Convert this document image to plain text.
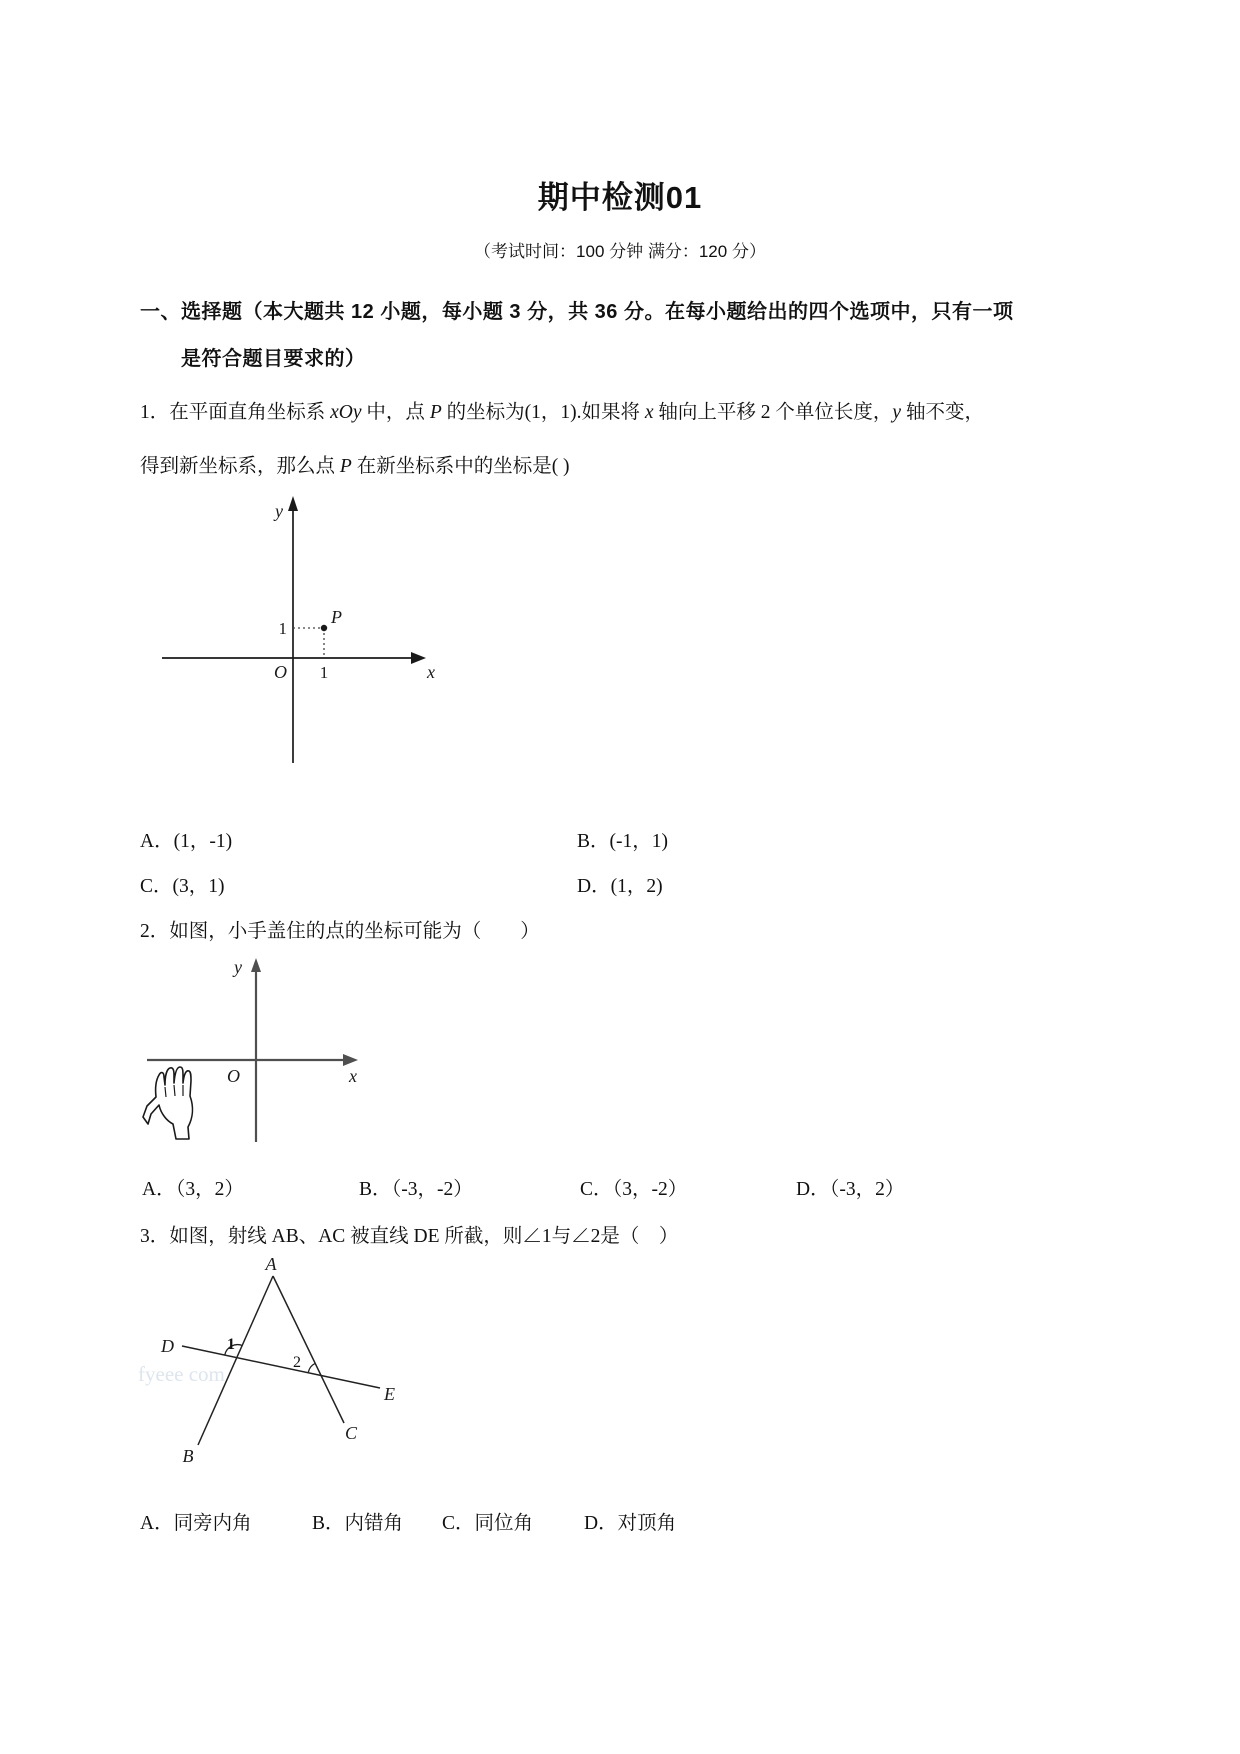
期中检测01
（考试时间：100 分钟 满分：120 分）
一、选择题（本大题共 12 小题，每小题 3 分，共 36 分。在每小题给出的四个选项中，只有一项
是符合题目要求的）
1．在平面直角坐标系 xOy 中，点 P 的坐标为(1，1).如果将 x 轴向上平移 2 个单位长度，y 轴不变，
得到新坐标系，那么点 P 在新坐标系中的坐标是( )
y
x
O
1
1
P
A．(1，-1)	B．(-1，1)
C．(3，1)	D．(1，2)
2．如图，小手盖住的点的坐标可能为（　　）
y
x
O
A．（3，2）	B．（-3，-2）	C．（3，-2）	D．（-3，2）
3．如图，射线 AB、AC 被直线 DE 所截，则∠1与∠2是（　）
fyeee com
A
B
C
D
E
1
2
A．同旁内角	B．内错角 C．同位角	D．对顶角
